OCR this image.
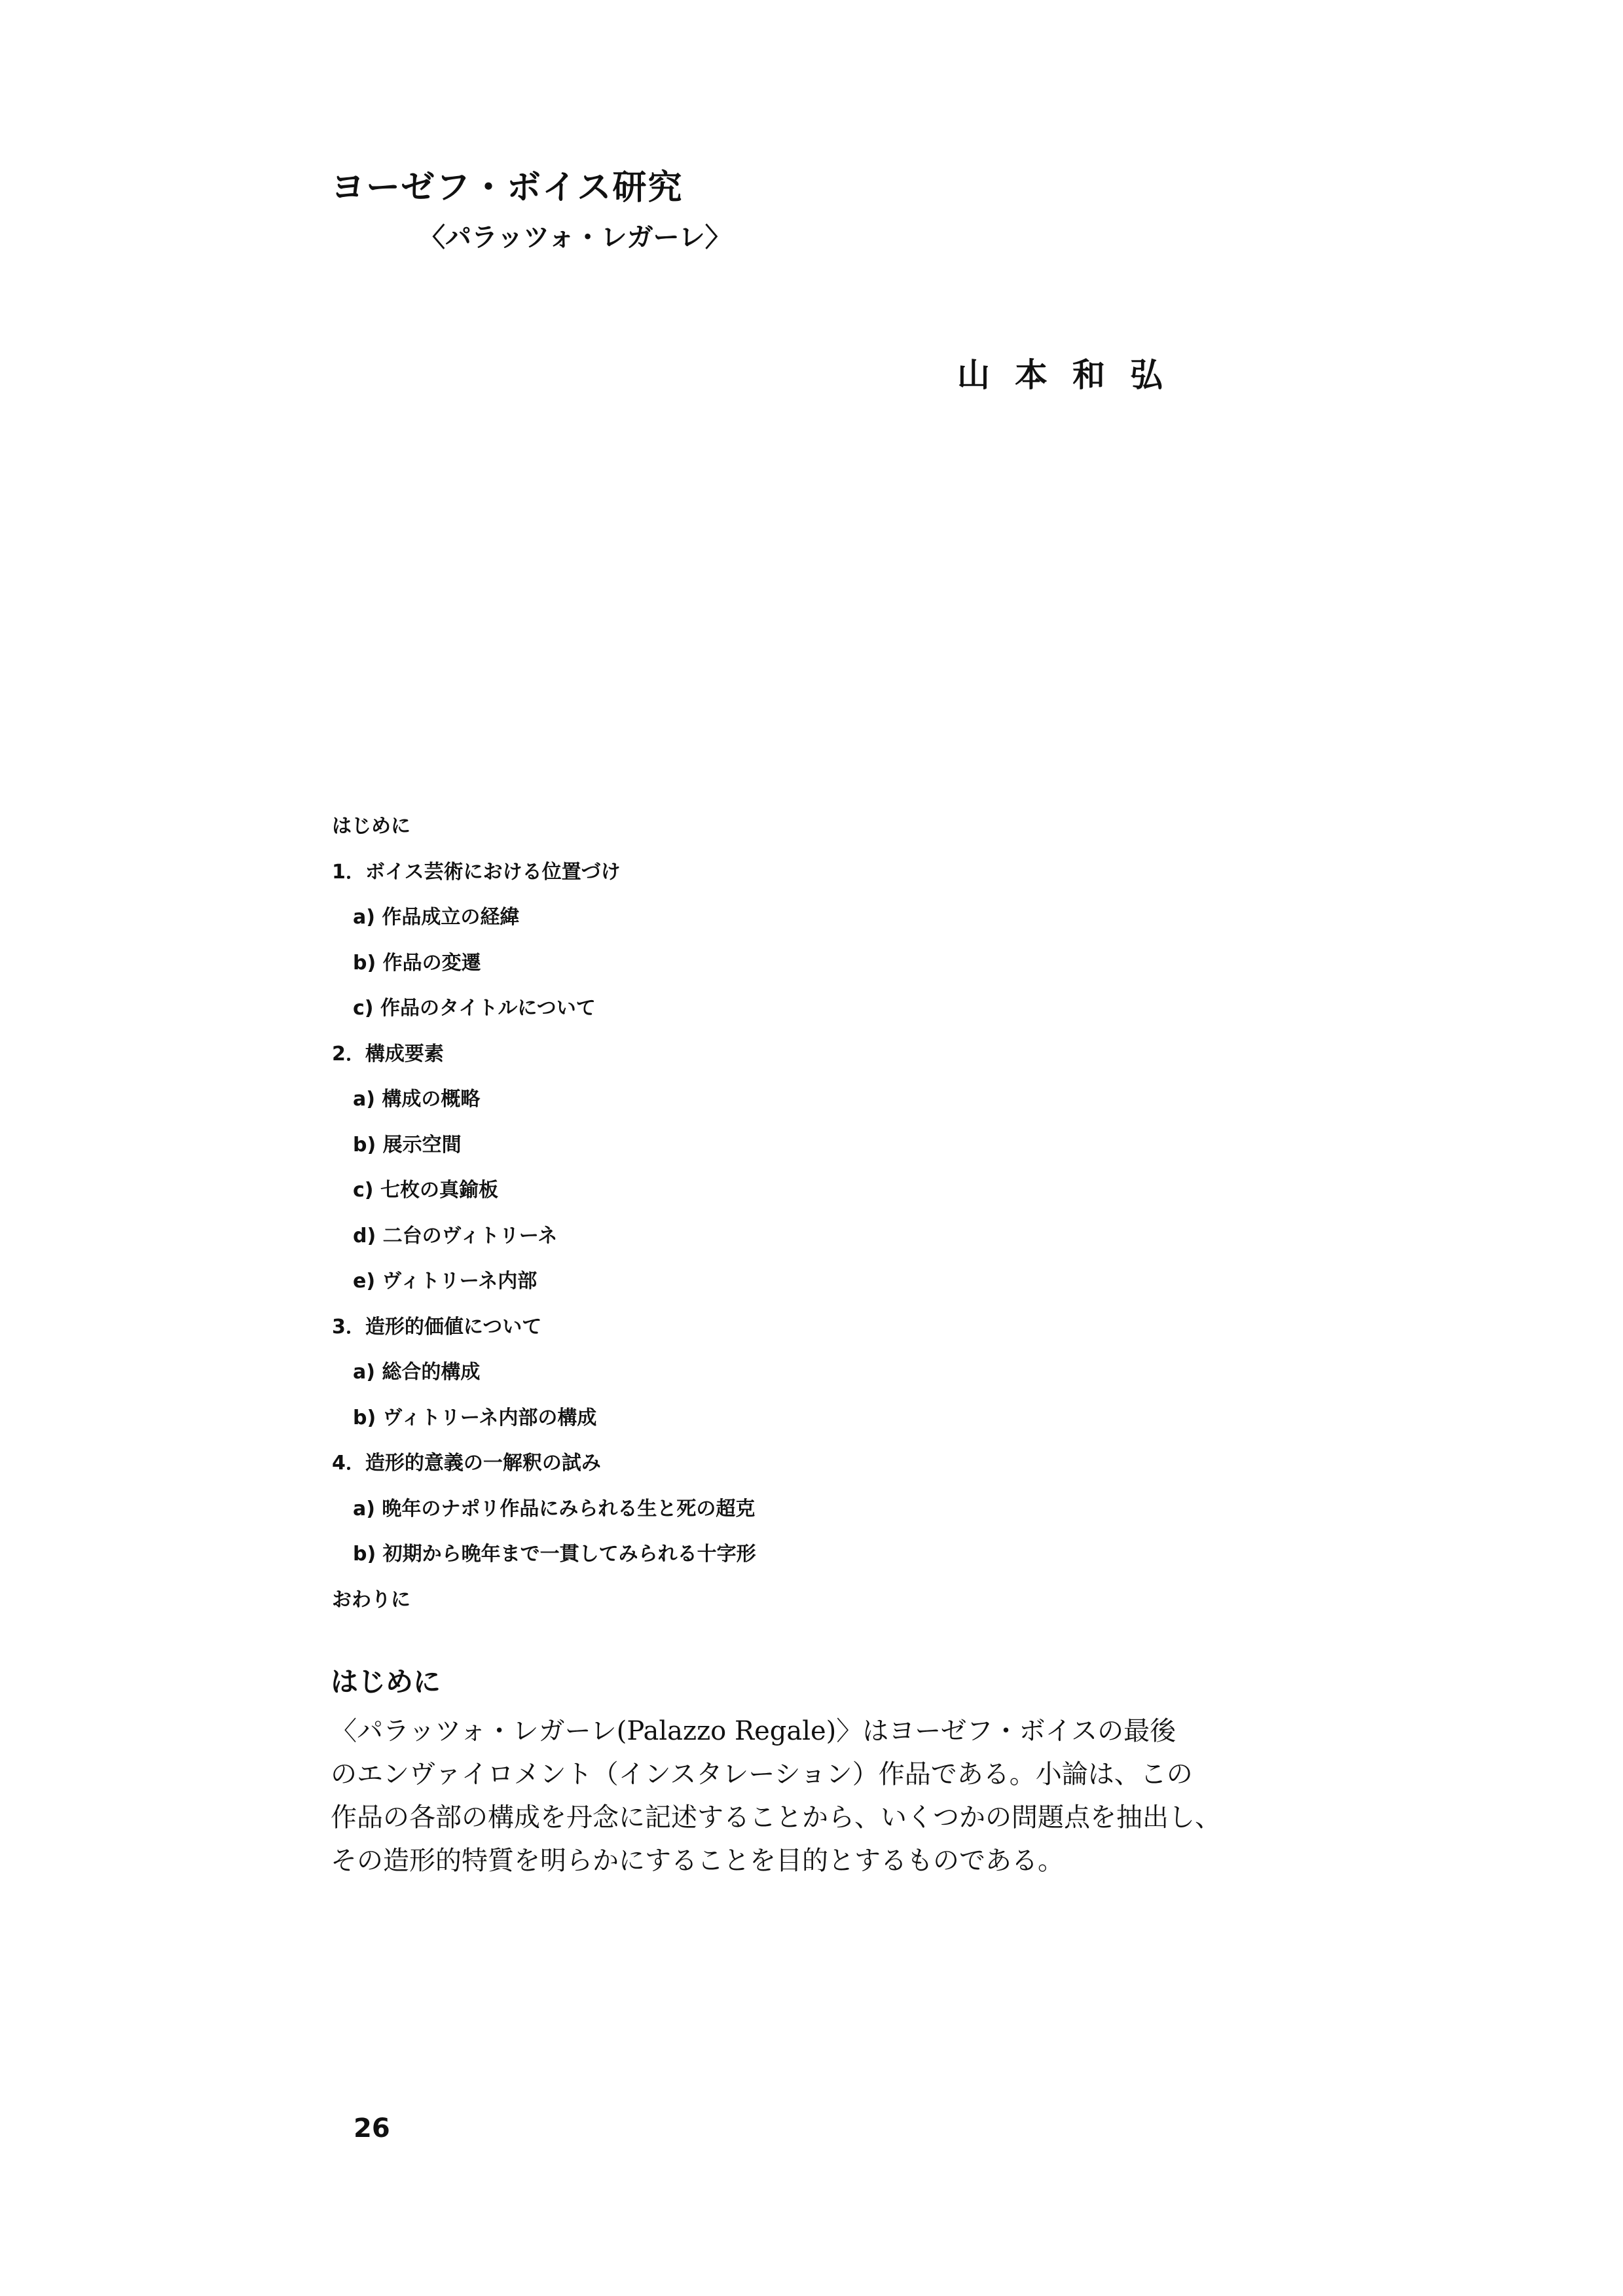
ヨーゼフ・ボイス研究
〈パラッツォ・レガーレ〉
山本和弘
はじめに
1．ボイス芸術における位置づけ
a) 作品成立の経緯
b) 作品の変遷
c) 作品のタイトルについて
2．構成要素
a) 構成の概略
b) 展示空間
c) 七枚の真鍮板
d) 二台のヴィトリーネ
e) ヴィトリーネ内部
3．造形的価値について
a) 総合的構成
b) ヴィトリーネ内部の構成
4．造形的意義の一解釈の試み
a) 晩年のナポリ作品にみられる生と死の超克
b) 初期から晩年まで一貫してみられる十字形
おわりに
はじめに
〈パラッツォ・レガーレ(Palazzo Regale)〉はヨーゼフ・ボイスの最後
のエンヴァイロメント（インスタレーション）作品である。小論は、この
作品の各部の構成を丹念に記述することから、いくつかの問題点を抽出し、
その造形的特質を明らかにすることを目的とするものである。
26
